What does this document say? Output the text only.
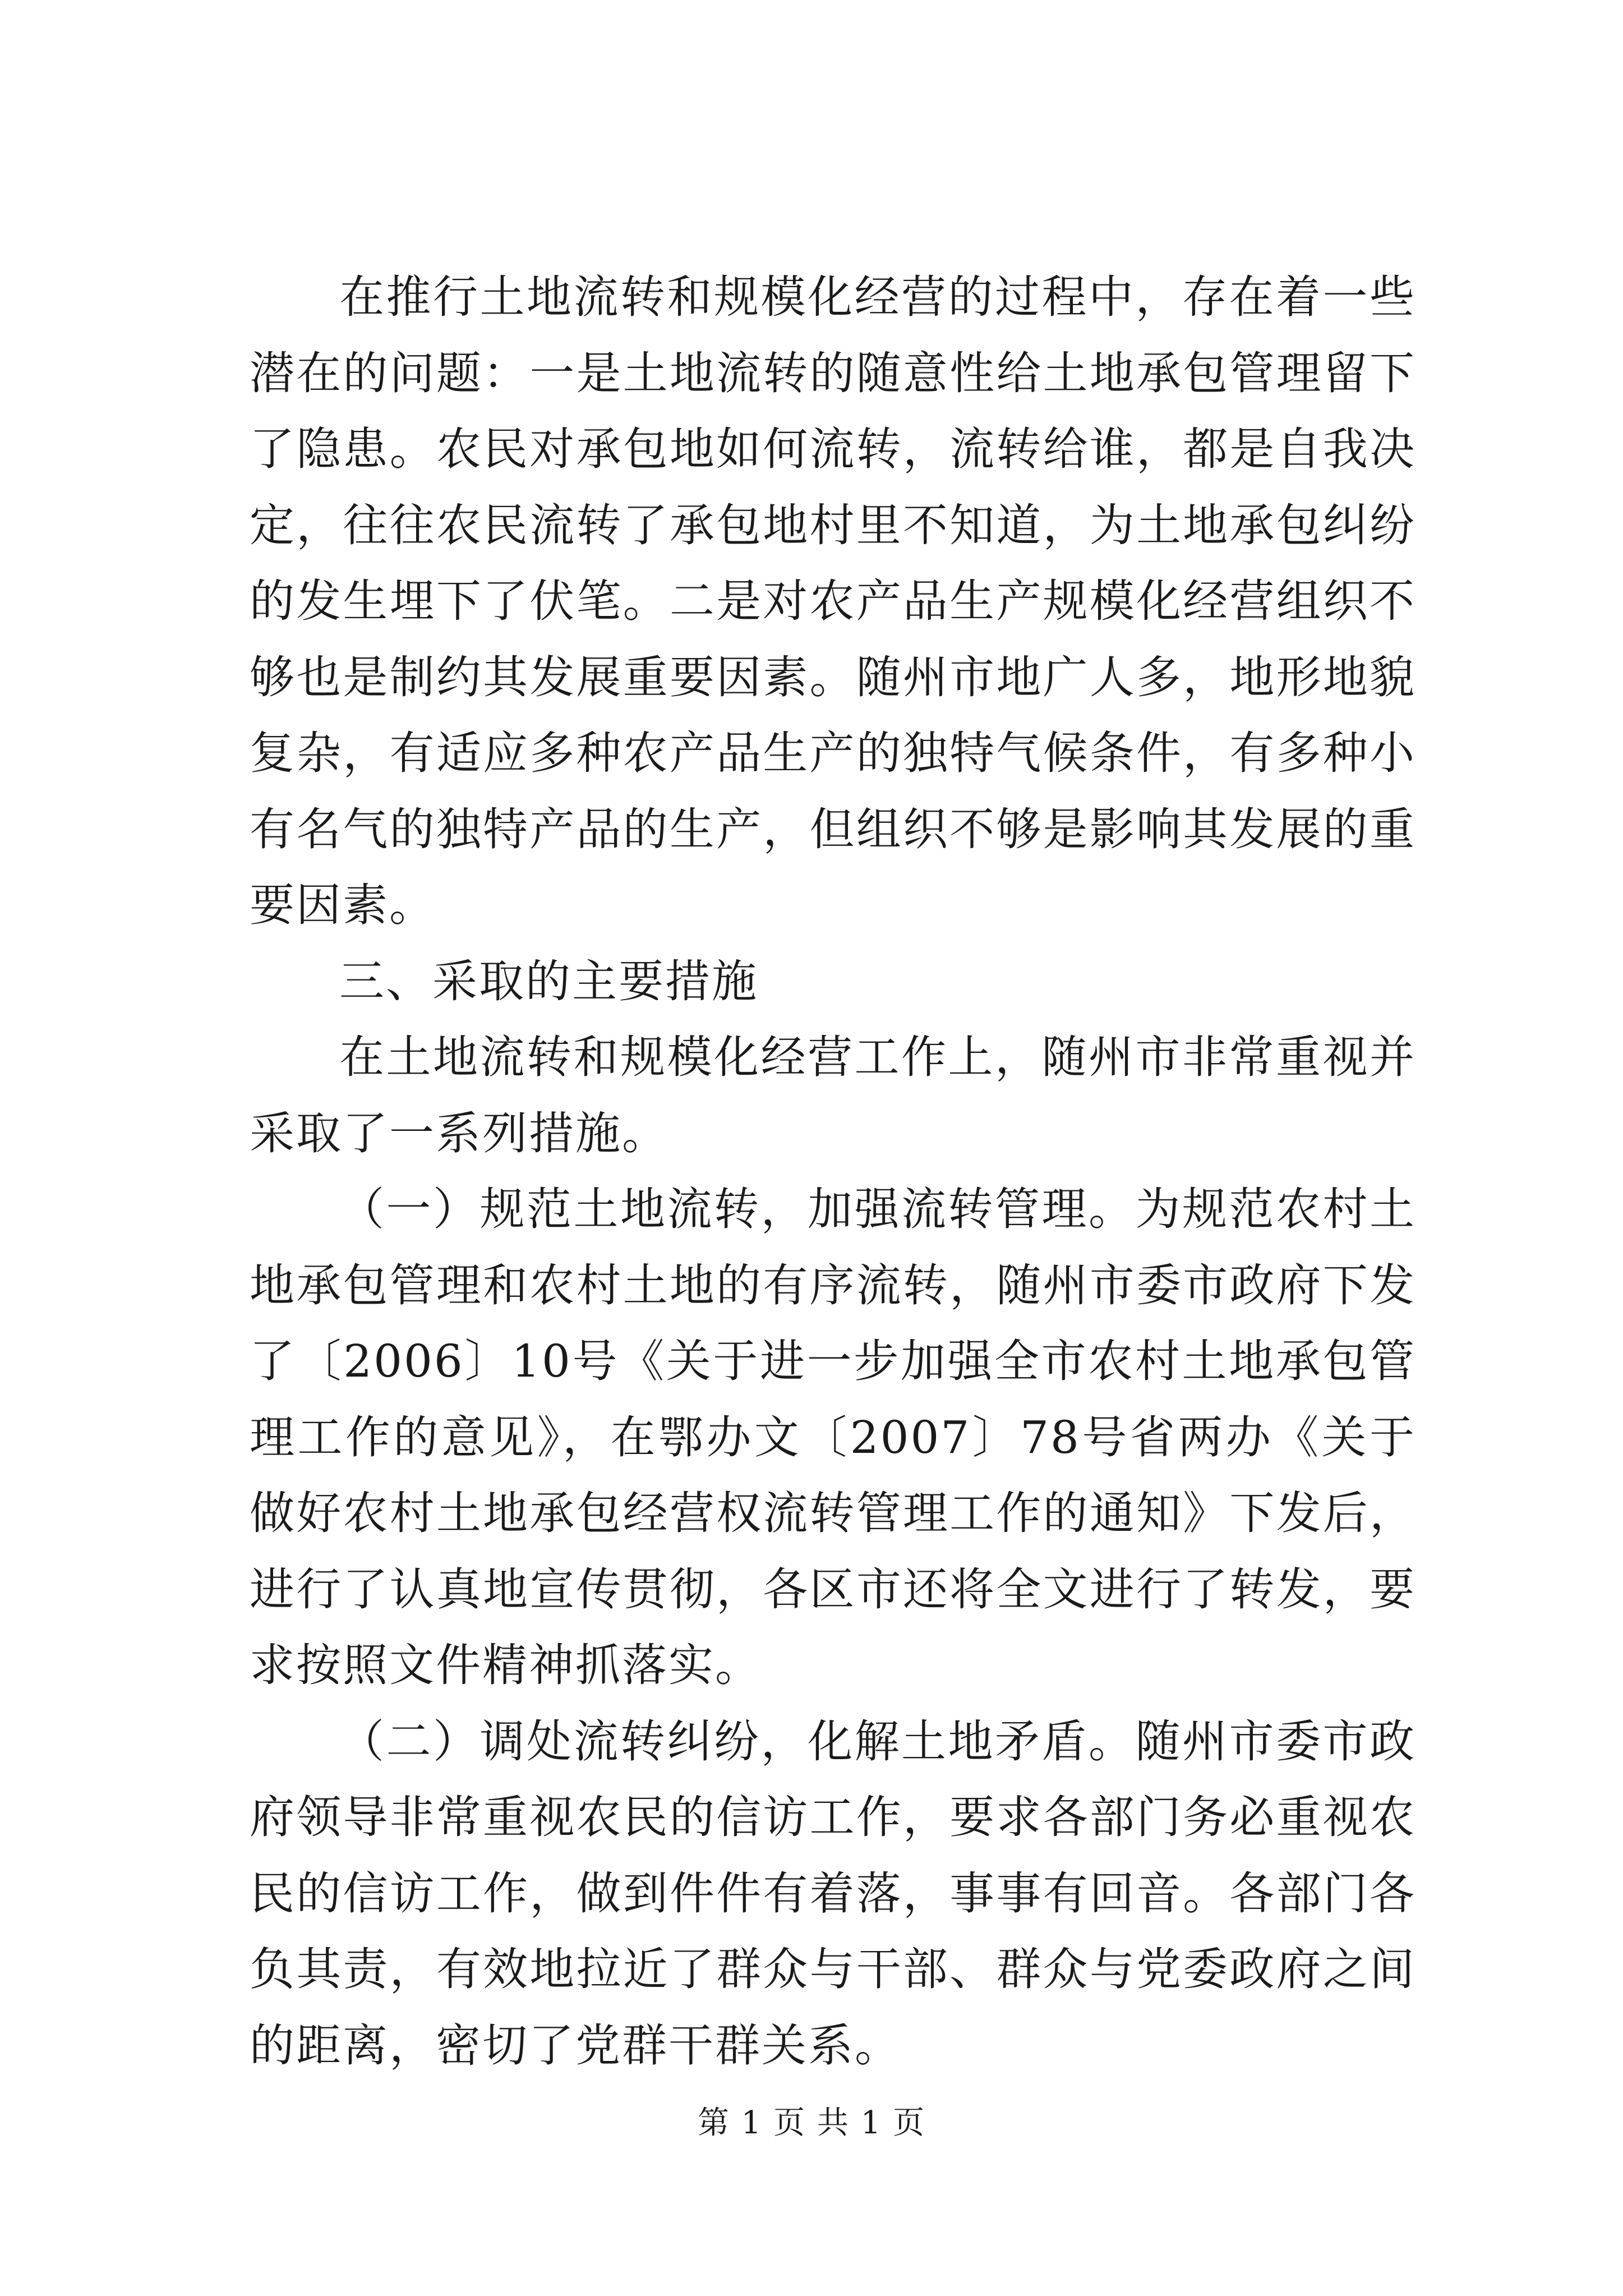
在推行土地流转和规模化经营的过程中，存在着一些潜在的问题：一是土地流转的随意性给土地承包管理留下了隐患。农民对承包地如何流转，流转给谁，都是自我决定，往往农民流转了承包地村里不知道，为土地承包纠纷的发生埋下了伏笔。二是对农产品生产规模化经营组织不够也是制约其发展重要因素。随州市地广人多，地形地貌复杂，有适应多种农产品生产的独特气候条件，有多种小有名气的独特产品的生产，但组织不够是影响其发展的重要因素。

三、采取的主要措施

在土地流转和规模化经营工作上，随州市非常重视并采取了一系列措施。

（一）规范土地流转，加强流转管理。为规范农村土地承包管理和农村土地的有序流转，随州市委市政府下发了〔2006〕10号《关于进一步加强全市农村土地承包管理工作的意见》，在鄂办文〔2007〕78号省两办《关于做好农村土地承包经营权流转管理工作的通知》下发后，进行了认真地宣传贯彻，各区市还将全文进行了转发，要求按照文件精神抓落实。

（二）调处流转纠纷，化解土地矛盾。随州市委市政府领导非常重视农民的信访工作，要求各部门务必重视农民的信访工作，做到件件有着落，事事有回音。各部门各负其责，有效地拉近了群众与干部、群众与党委政府之间的距离，密切了党群干群关系。

第 1 页 共 1 页
